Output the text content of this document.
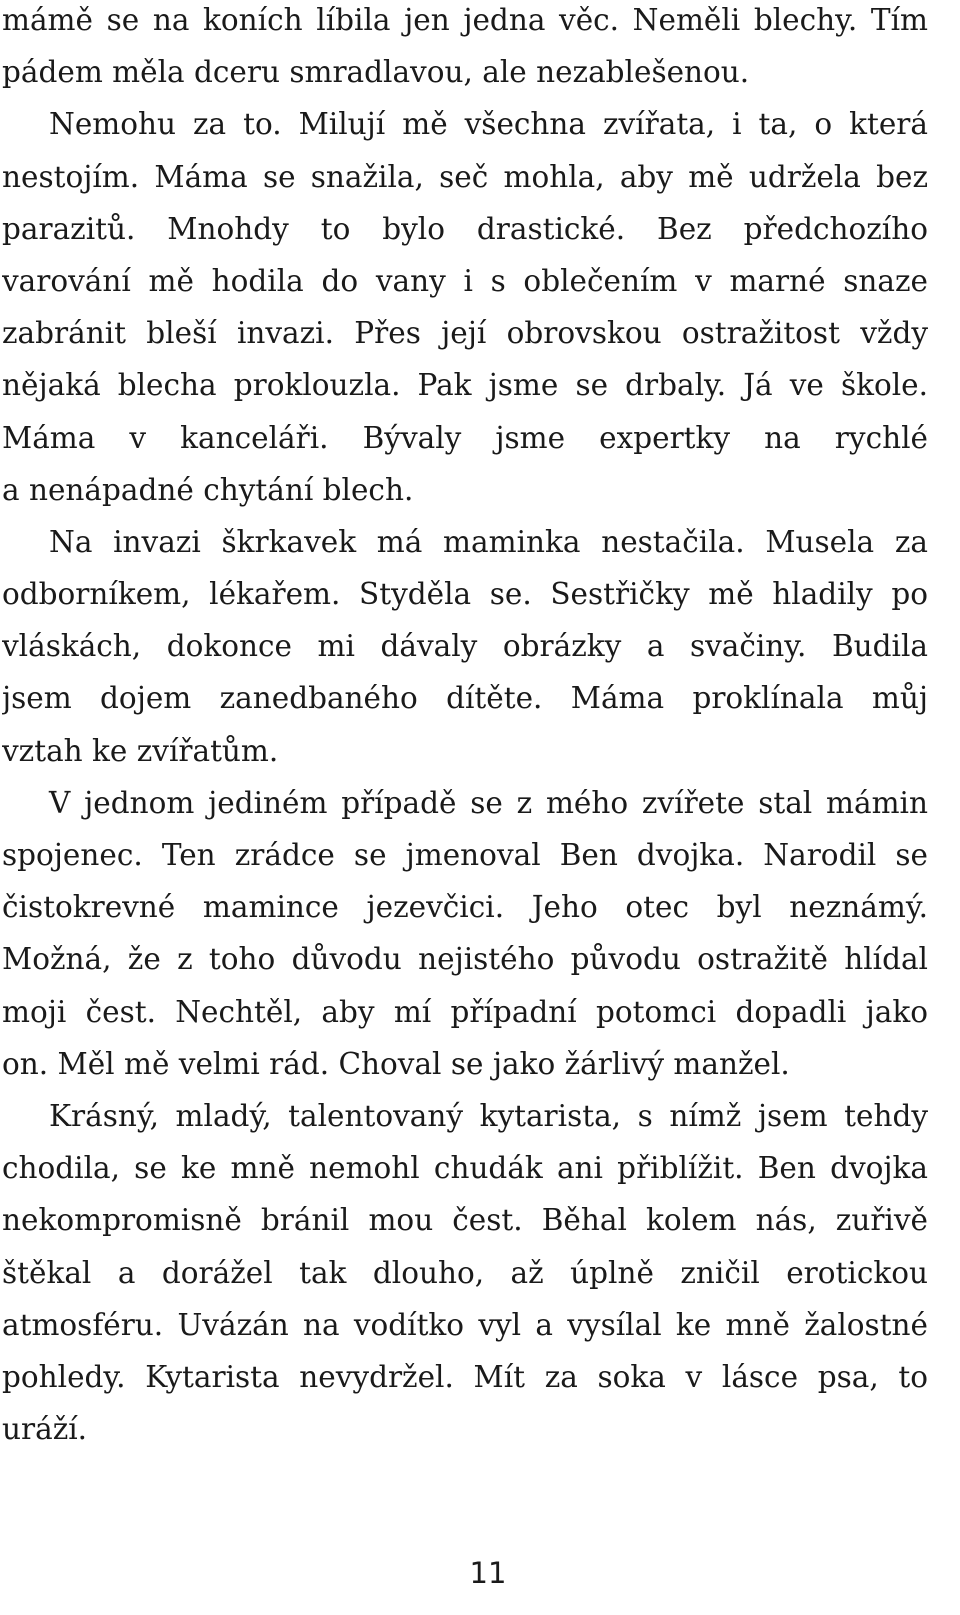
mámě se na koních líbila jen jedna věc. Neměli blechy. Tím
pádem měla dceru smradlavou, ale nezablešenou.
Nemohu za to. Milují mě všechna zvířata, i ta, o která
nestojím. Máma se snažila, seč mohla, aby mě udržela bez
parazitů. Mnohdy to bylo drastické. Bez předchozího
varování mě hodila do vany i s oblečením v marné snaze
zabránit bleší invazi. Přes její obrovskou ostražitost vždy
nějaká blecha proklouzla. Pak jsme se drbaly. Já ve škole.
Máma v kanceláři. Bývaly jsme expertky na rychlé
a nenápadné chytání blech.
Na invazi škrkavek má maminka nestačila. Musela za
odborníkem, lékařem. Styděla se. Sestřičky mě hladily po
vláskách, dokonce mi dávaly obrázky a svačiny. Budila
jsem dojem zanedbaného dítěte. Máma proklínala můj
vztah ke zvířatům.
V jednom jediném případě se z mého zvířete stal mámin
spojenec. Ten zrádce se jmenoval Ben dvojka. Narodil se
čistokrevné mamince jezevčici. Jeho otec byl neznámý.
Možná, že z toho důvodu nejistého původu ostražitě hlídal
moji čest. Nechtěl, aby mí případní potomci dopadli jako
on. Měl mě velmi rád. Choval se jako žárlivý manžel.
Krásný, mladý, talentovaný kytarista, s nímž jsem tehdy
chodila, se ke mně nemohl chudák ani přiblížit. Ben dvojka
nekompromisně bránil mou čest. Běhal kolem nás, zuřivě
štěkal a dorážel tak dlouho, až úplně zničil erotickou
atmosféru. Uvázán na vodítko vyl a vysílal ke mně žalostné
pohledy. Kytarista nevydržel. Mít za soka v lásce psa, to
uráží.
11
